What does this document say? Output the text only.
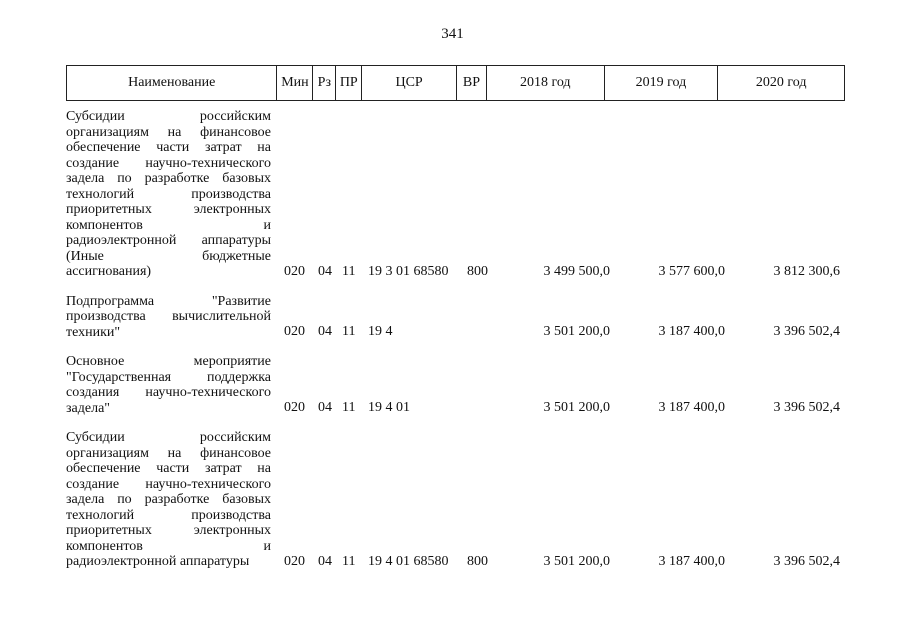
341
Наименование	Мин Рз ПР	ЦСР	ВР	2018 год	2019 год	2020 год
Субсидии российским
организациям на финансовое
обеспечение части затрат на
создание научно-технического
задела по разработке базовых
технологий производства
приоритетных электронных
компонентов и
радиоэлектронной аппаратуры
(Иные бюджетные
ассигнования)	020 04 11 19 3 01 68580 800	3 499 500,0	3 577 600,0	3 812 300,6
Подпрограмма "Развитие
производства вычислительной
техники"	020 04 11 19 4	3 501 200,0	3 187 400,0	3 396 502,4
Основное мероприятие
"Государственная поддержка
создания научно-технического
задела"	020 04 11 19 4 01	3 501 200,0	3 187 400,0	3 396 502,4
Субсидии российским
организациям на финансовое
обеспечение части затрат на
создание научно-технического
задела по разработке базовых
технологий производства
приоритетных электронных
компонентов и
радиоэлектронной аппаратуры	020 04 11 19 4 01 68580 800	3 501 200,0	3 187 400,0	3 396 502,4
